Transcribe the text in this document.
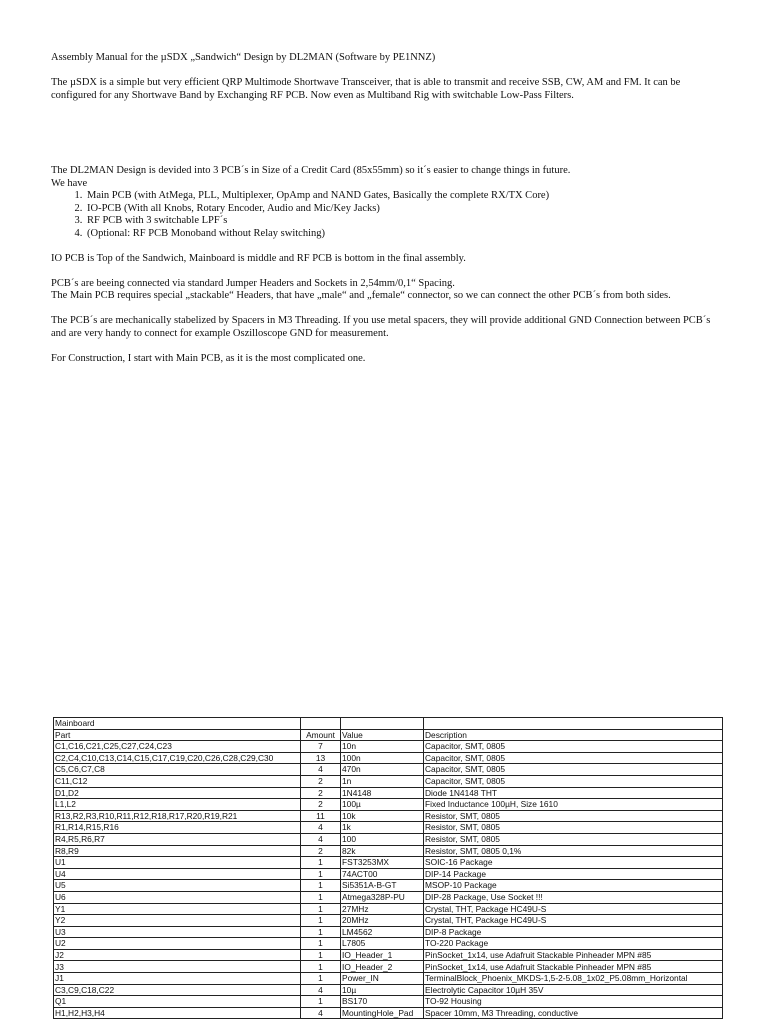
Assembly Manual for the µSDX „Sandwich“ Design by DL2MAN (Software by PE1NNZ)

The µSDX is a simple but very efficient QRP Multimode Shortwave Transceiver, that is able to transmit and receive SSB, CW, AM and FM. It can be configured for any Shortwave Band by Exchanging RF PCB. Now even as Multiband Rig with switchable Low-Pass Filters.

The DL2MAN Design is devided into 3 PCB´s in Size of a Credit Card (85x55mm) so it´s easier to change things in future.

We have

1. Main PCB (with AtMega, PLL, Multiplexer, OpAmp and NAND Gates, Basically the complete RX/TX Core)
2. IO-PCB (With all Knobs, Rotary Encoder, Audio and Mic/Key Jacks)
3. RF PCB with 3 switchable LPF´s
4. (Optional: RF PCB Monoband without Relay switching)

IO PCB is Top of the Sandwich, Mainboard is middle and RF PCB is bottom in the final assembly.

PCB´s are beeing connected via standard Jumper Headers and Sockets in 2,54mm/0,1“ Spacing.

The Main PCB requires special „stackable“ Headers, that have „male“ and „female“ connector, so we can connect the other PCB´s from both sides.

The PCB´s are mechanically stabelized by Spacers in M3 Threading. If you use metal spacers, they will provide additional GND Connection between PCB´s and are very handy to connect for example Oszilloscope GND for measurement.

For Construction, I start with Main PCB, as it is the most complicated one.

Mainboard			
Part	Amount	Value	Description
C1,C16,C21,C25,C27,C24,C23	7	10n	Capacitor, SMT, 0805
C2,C4,C10,C13,C14,C15,C17,C19,C20,C26,C28,C29,C30	13	100n	Capacitor, SMT, 0805
C5,C6,C7,C8	4	470n	Capacitor, SMT, 0805
C11,C12	2	1n	Capacitor, SMT, 0805
D1,D2	2	1N4148	Diode 1N4148 THT
L1,L2	2	100µ	Fixed Inductance 100µH, Size 1610
R13,R2,R3,R10,R11,R12,R18,R17,R20,R19,R21	11	10k	Resistor, SMT, 0805
R1,R14,R15,R16	4	1k	Resistor, SMT, 0805
R4,R5,R6,R7	4	100	Resistor, SMT, 0805
R8,R9	2	82k	Resistor, SMT, 0805 0,1%
U1	1	FST3253MX	SOIC-16 Package
U4	1	74ACT00	DIP-14 Package
U5	1	Si5351A-B-GT	MSOP-10 Package
U6	1	Atmega328P-PU	DIP-28 Package, Use Socket !!!
Y1	1	27MHz	Crystal, THT, Package HC49U-S
Y2	1	20MHz	Crystal, THT, Package HC49U-S
U3	1	LM4562	DIP-8 Package
U2	1	L7805	TO-220 Package
J2	1	IO_Header_1	PinSocket_1x14, use Adafruit Stackable Pinheader MPN #85
J3	1	IO_Header_2	PinSocket_1x14, use Adafruit Stackable Pinheader MPN #85
J1	1	Power_IN	TerminalBlock_Phoenix_MKDS-1,5-2-5.08_1x02_P5.08mm_Horizontal
C3,C9,C18,C22	4	10µ	Electrolytic Capacitor 10µH 35V
Q1	1	BS170	TO-92 Housing
H1,H2,H3,H4	4	MountingHole_Pad	Spacer 10mm, M3 Threading, conductive
